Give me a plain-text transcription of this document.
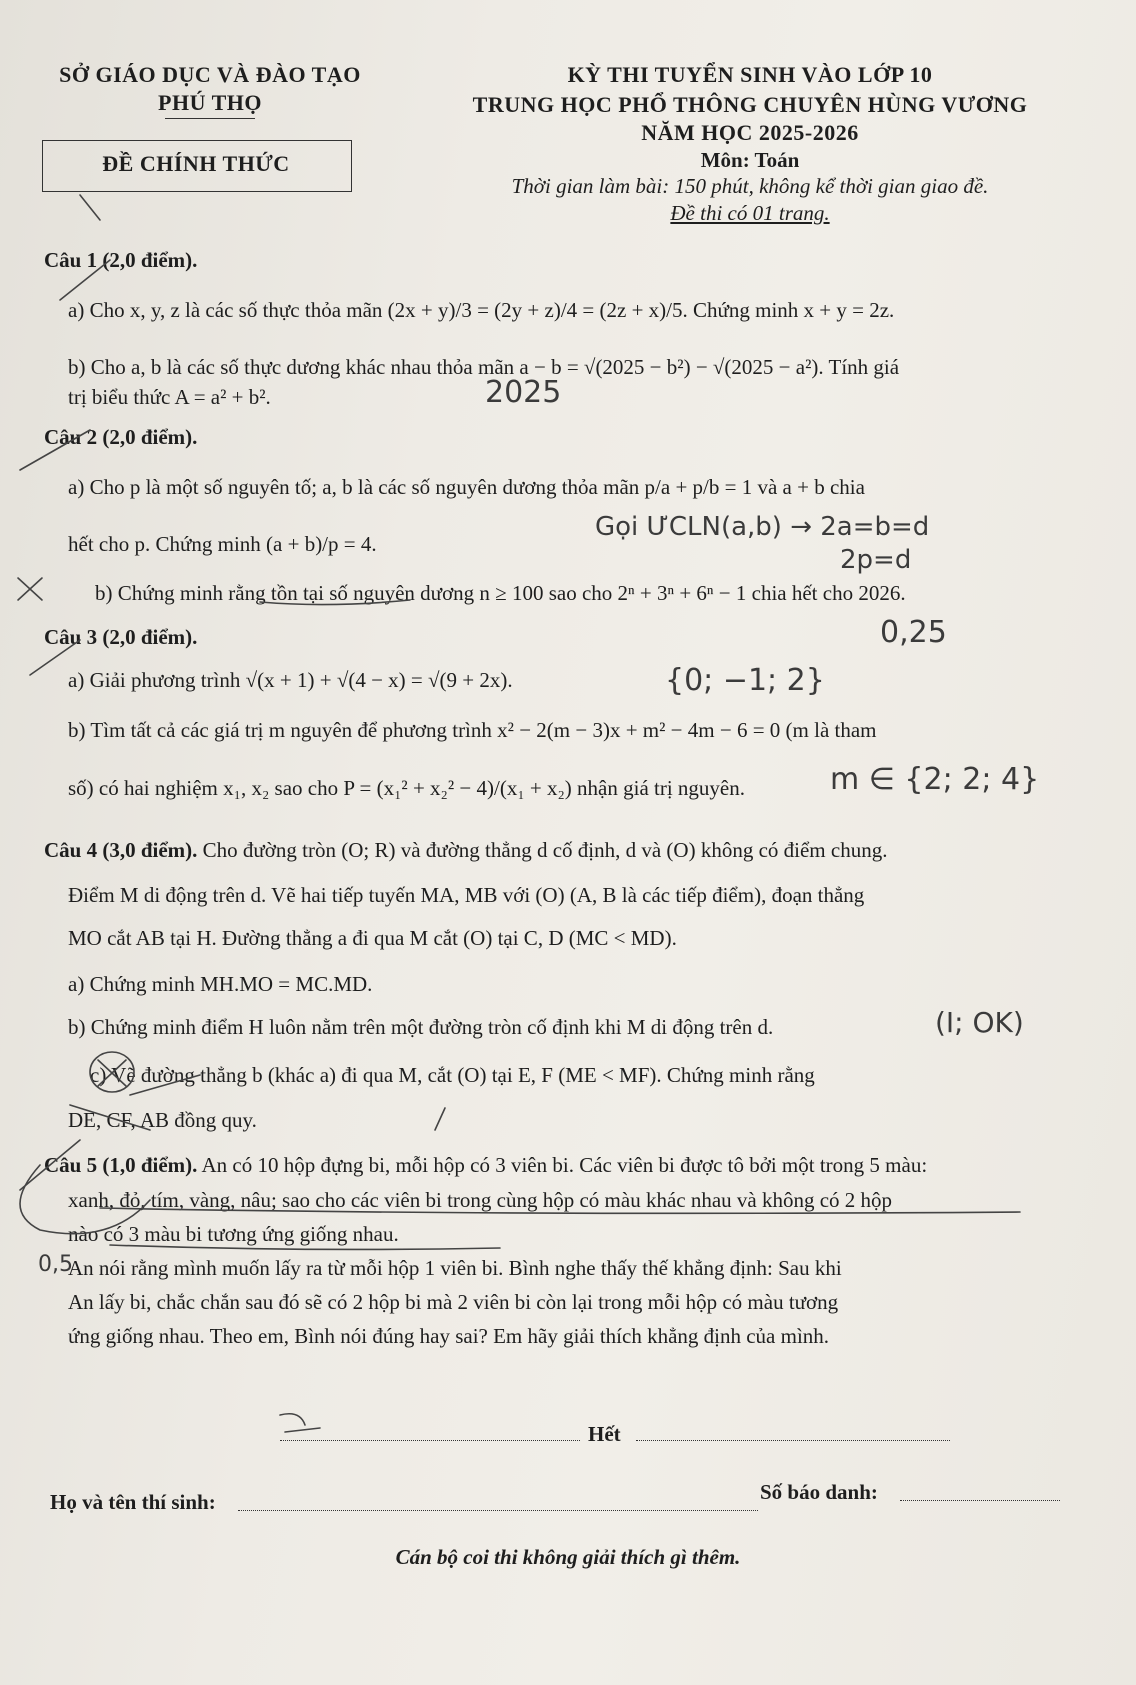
SỞ GIÁO DỤC VÀ ĐÀO TẠO
PHÚ THỌ
ĐỀ CHÍNH THỨC
KỲ THI TUYỂN SINH VÀO LỚP 10
TRUNG HỌC PHỔ THÔNG CHUYÊN HÙNG VƯƠNG
NĂM HỌC 2025-2026
Môn: Toán
Thời gian làm bài: 150 phút, không kể thời gian giao đề.
Đề thi có 01 trang.
Câu 1 (2,0 điểm).
a) Cho x, y, z là các số thực thỏa mãn (2x + y)/3 = (2y + z)/4 = (2z + x)/5. Chứng minh x + y = 2z.
b) Cho a, b là các số thực dương khác nhau thỏa mãn a − b = √(2025 − b²) − √(2025 − a²). Tính giá
trị biểu thức A = a² + b².
Câu 2 (2,0 điểm).
a) Cho p là một số nguyên tố; a, b là các số nguyên dương thỏa mãn p/a + p/b = 1 và a + b chia
hết cho p. Chứng minh (a + b)/p = 4.
b) Chứng minh rằng tồn tại số nguyên dương n ≥ 100 sao cho 2ⁿ + 3ⁿ + 6ⁿ − 1 chia hết cho 2026.
Câu 3 (2,0 điểm).
a) Giải phương trình √(x + 1) + √(4 − x) = √(9 + 2x).
b) Tìm tất cả các giá trị m nguyên để phương trình x² − 2(m − 3)x + m² − 4m − 6 = 0 (m là tham
số) có hai nghiệm x₁, x₂ sao cho P = (x₁² + x₂² − 4)/(x₁ + x₂) nhận giá trị nguyên.
Câu 4 (3,0 điểm). Cho đường tròn (O; R) và đường thẳng d cố định, d và (O) không có điểm chung.
Điểm M di động trên d. Vẽ hai tiếp tuyến MA, MB với (O) (A, B là các tiếp điểm), đoạn thẳng
MO cắt AB tại H. Đường thẳng a đi qua M cắt (O) tại C, D (MC < MD).
a) Chứng minh MH.MO = MC.MD.
b) Chứng minh điểm H luôn nằm trên một đường tròn cố định khi M di động trên d.
c) Vẽ đường thẳng b (khác a) đi qua M, cắt (O) tại E, F (ME < MF). Chứng minh rằng
DE, CF, AB đồng quy.
Câu 5 (1,0 điểm). An có 10 hộp đựng bi, mỗi hộp có 3 viên bi. Các viên bi được tô bởi một trong 5 màu:
xanh, đỏ, tím, vàng, nâu; sao cho các viên bi trong cùng hộp có màu khác nhau và không có 2 hộp
nào có 3 màu bi tương ứng giống nhau.
An nói rằng mình muốn lấy ra từ mỗi hộp 1 viên bi. Bình nghe thấy thế khẳng định: Sau khi
An lấy bi, chắc chắn sau đó sẽ có 2 hộp bi mà 2 viên bi còn lại trong mỗi hộp có màu tương
ứng giống nhau. Theo em, Bình nói đúng hay sai? Em hãy giải thích khẳng định của mình.
Hết
Họ và tên thí sinh:	Số báo danh:
Cán bộ coi thi không giải thích gì thêm.
2025
Gọi ƯCLN(a,b) → 2a=b=d
2p=d
0,25
{0; −1; 2}
m ∈ {2; 2; 4}
(I; OK)
0,5
